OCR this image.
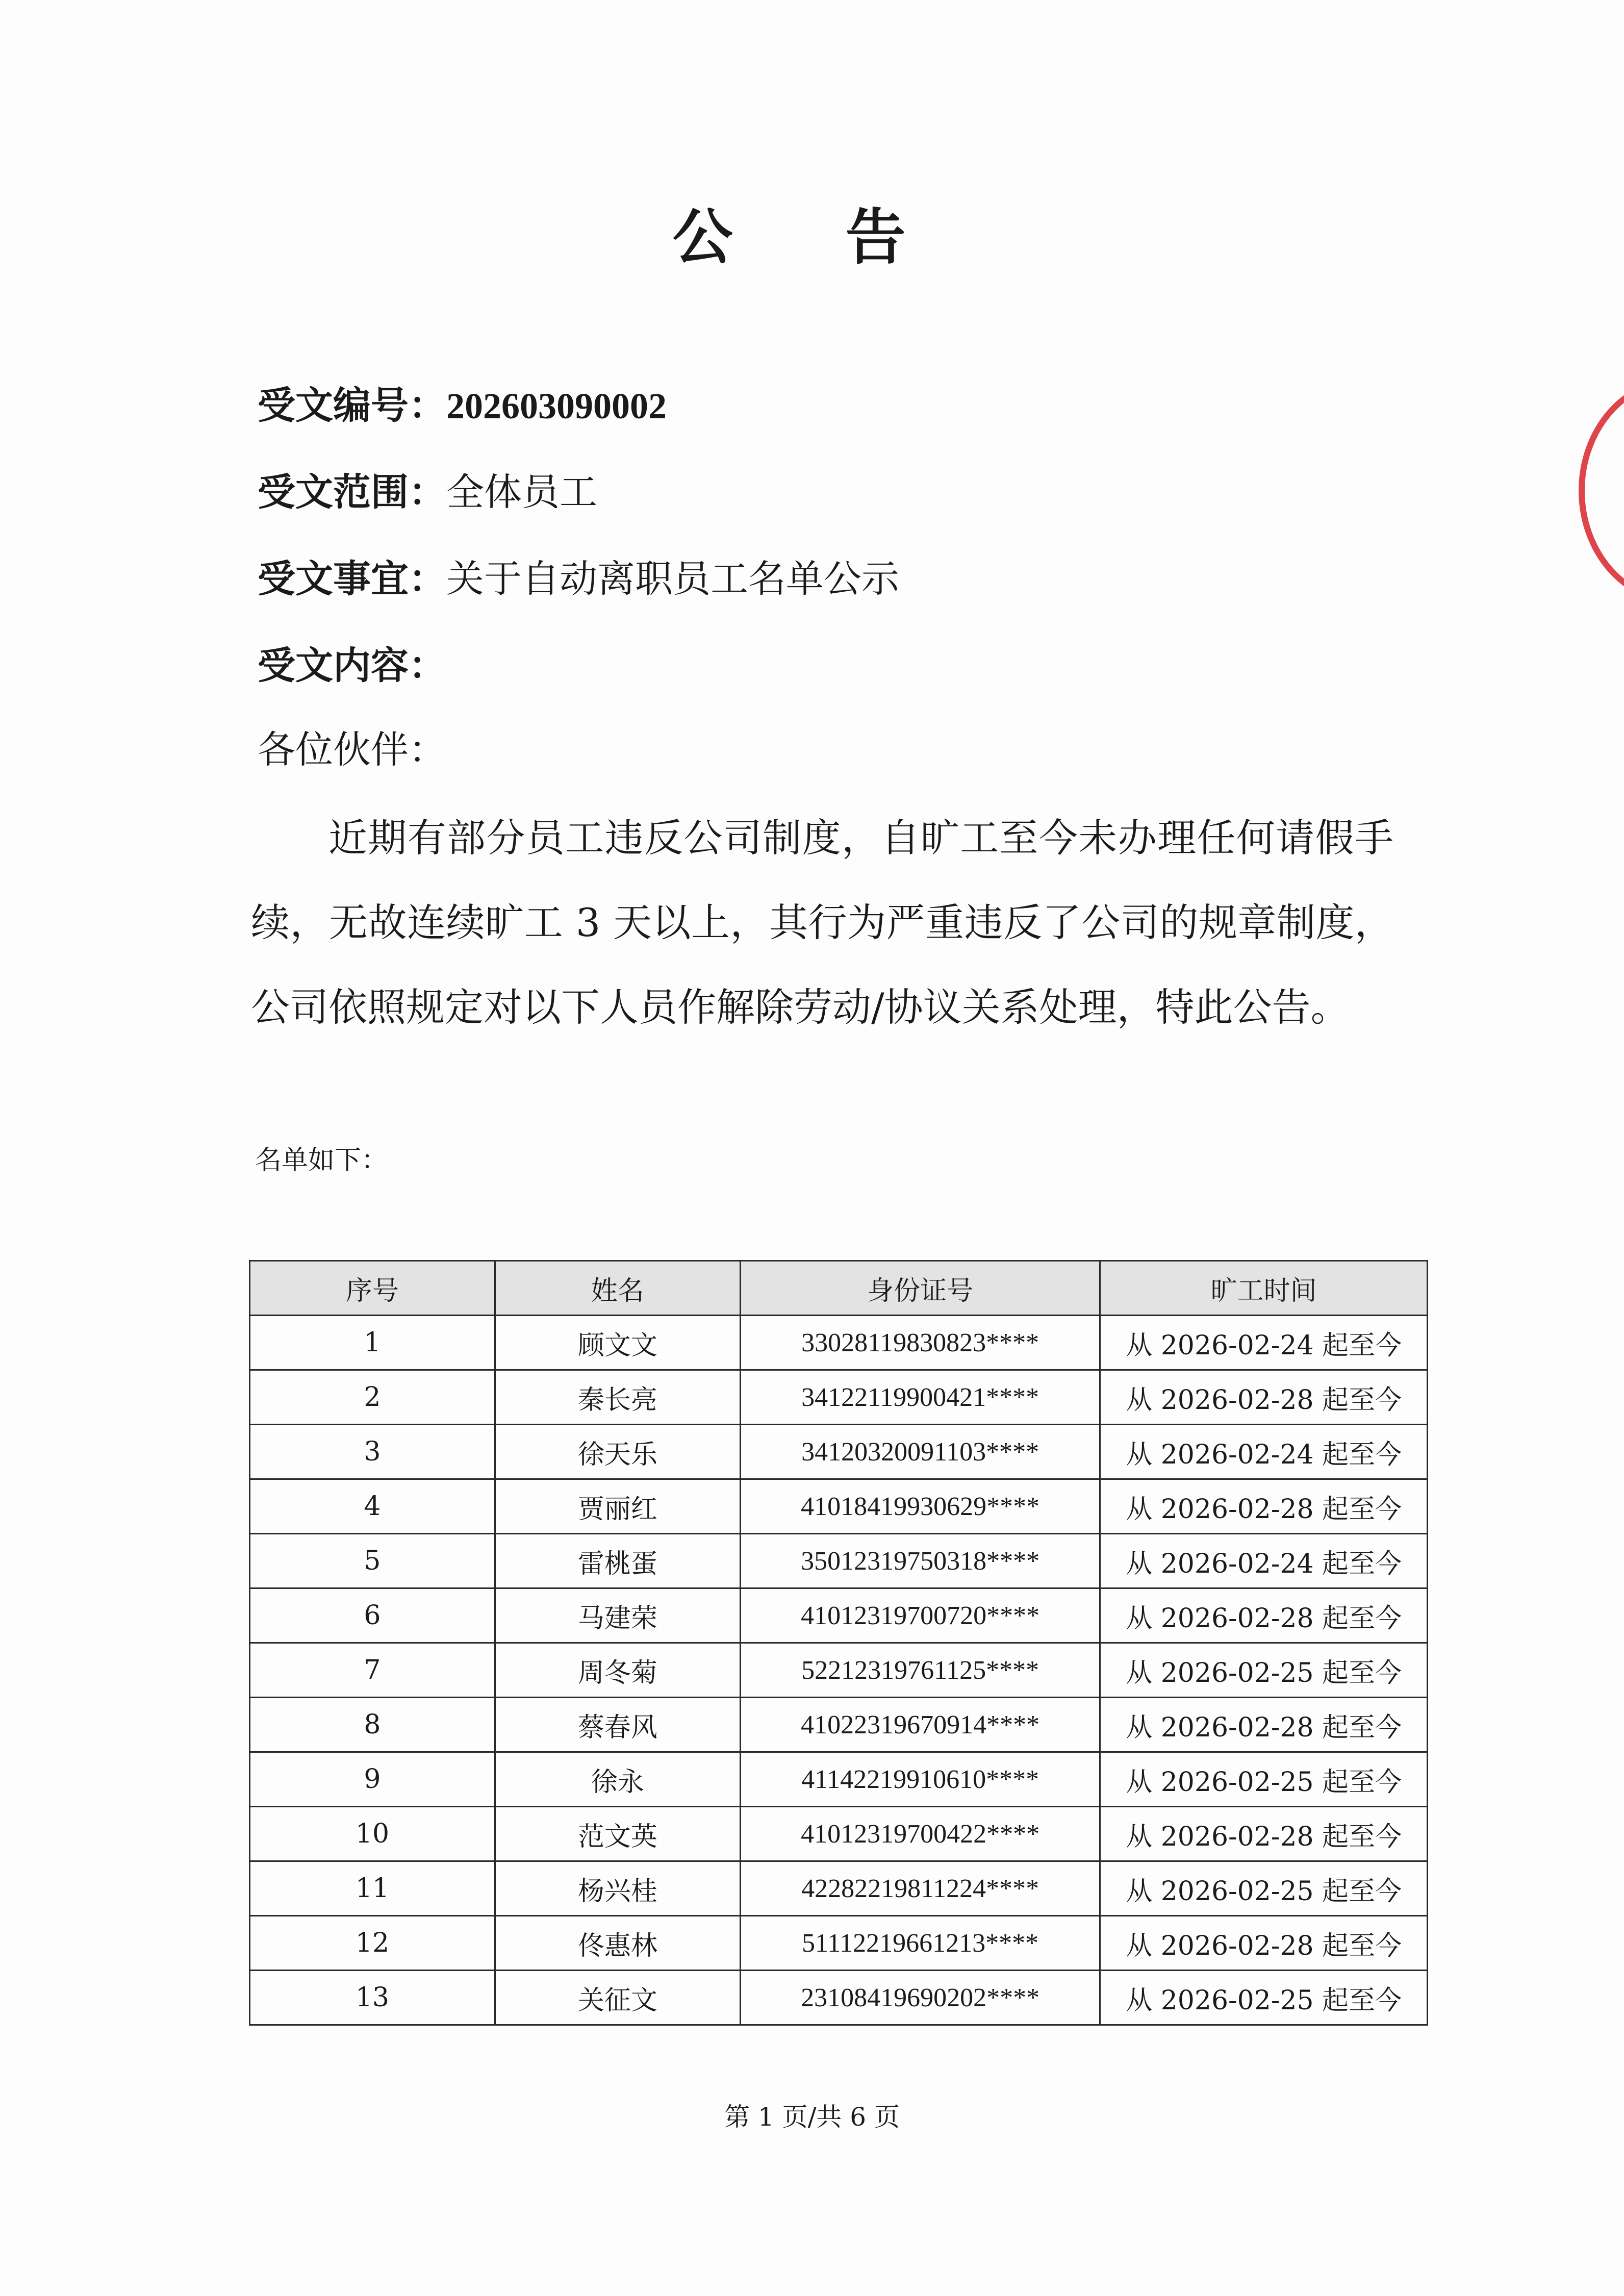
公 告
受文编号：202603090002
受文范围：全体员工
受文事宜：关于自动离职员工名单公示
受文内容：
各位伙伴：
近期有部分员工违反公司制度，自旷工至今未办理任何请假手续，无故连续旷工 3 天以上，其行为严重违反了公司的规章制度，公司依照规定对以下人员作解除劳动/协议关系处理，特此公告。
名单如下：
序号	姓名	身份证号	旷工时间
1	顾文文	33028119830823****	从 2026-02-24 起至今
2	秦长亮	34122119900421****	从 2026-02-28 起至今
3	徐天乐	34120320091103****	从 2026-02-24 起至今
4	贾丽红	41018419930629****	从 2026-02-28 起至今
5	雷桃蛋	35012319750318****	从 2026-02-24 起至今
6	马建荣	41012319700720****	从 2026-02-28 起至今
7	周冬菊	52212319761125****	从 2026-02-25 起至今
8	蔡春风	41022319670914****	从 2026-02-28 起至今
9	徐永	41142219910610****	从 2026-02-25 起至今
10	范文英	41012319700422****	从 2026-02-28 起至今
11	杨兴桂	42282219811224****	从 2026-02-25 起至今
12	佟惠林	51112219661213****	从 2026-02-28 起至今
13	关征文	23108419690202****	从 2026-02-25 起至今
第 1 页/共 6 页
